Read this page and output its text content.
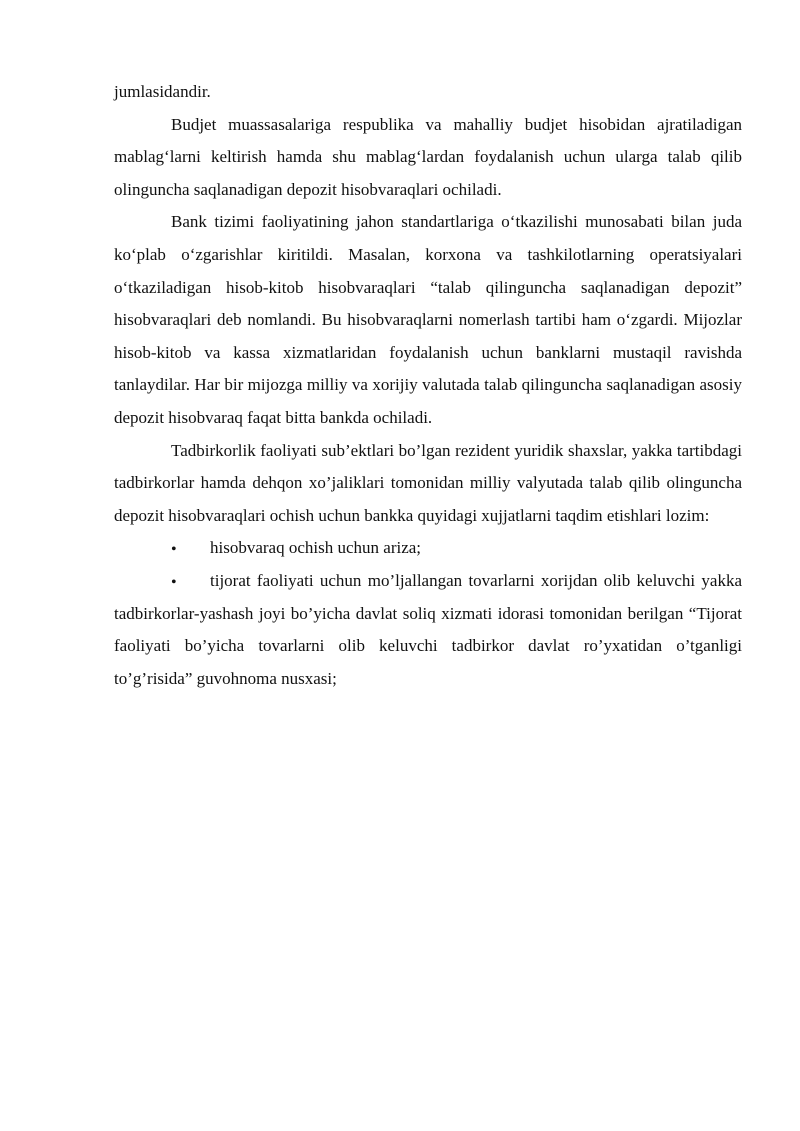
jumlasidandir.

Budjet muassasalariga respublika va mahalliy budjet hisobidan ajratiladigan mablag‘larni keltirish hamda shu mablag‘lardan foydalanish uchun ularga talab qilib olinguncha saqlanadigan depozit hisobvaraqlari ochiladi.

Bank tizimi faoliyatining jahon standartlariga o‘tkazilishi munosabati bilan juda ko‘plab o‘zgarishlar kiritildi. Masalan, korxona va tashkilotlarning operatsiyalari o‘tkaziladigan hisob-kitob hisobvaraqlari “talab qilinguncha saqlanadigan depozit” hisobvaraqlari deb nomlandi. Bu hisobvaraqlarni nomerlash tartibi ham o‘zgardi. Mijozlar hisob-kitob va kassa xizmatlaridan foydalanish uchun banklarni mustaqil ravishda tanlaydilar. Har bir mijozga milliy va xorijiy valutada talab qilinguncha saqlanadigan asosiy depozit hisobvaraq faqat bitta bankda ochiladi.

Tadbirkorlik faoliyati sub’ektlari bo’lgan rezident yuridik shaxslar, yakka tartibdagi tadbirkorlar hamda dehqon xo’jaliklari tomonidan milliy valyutada talab qilib olinguncha depozit hisobvaraqlari ochish uchun bankka quyidagi xujjatlarni taqdim etishlari lozim:

• hisobvaraq ochish uchun ariza;

• tijorat faoliyati uchun mo’ljallangan tovarlarni xorijdan olib keluvchi yakka tadbirkorlar-yashash joyi bo’yicha davlat soliq xizmati idorasi tomonidan berilgan “Tijorat faoliyati bo’yicha tovarlarni olib keluvchi tadbirkor davlat ro’yxatidan o’tganligi to’g’risida” guvohnoma nusxasi;
